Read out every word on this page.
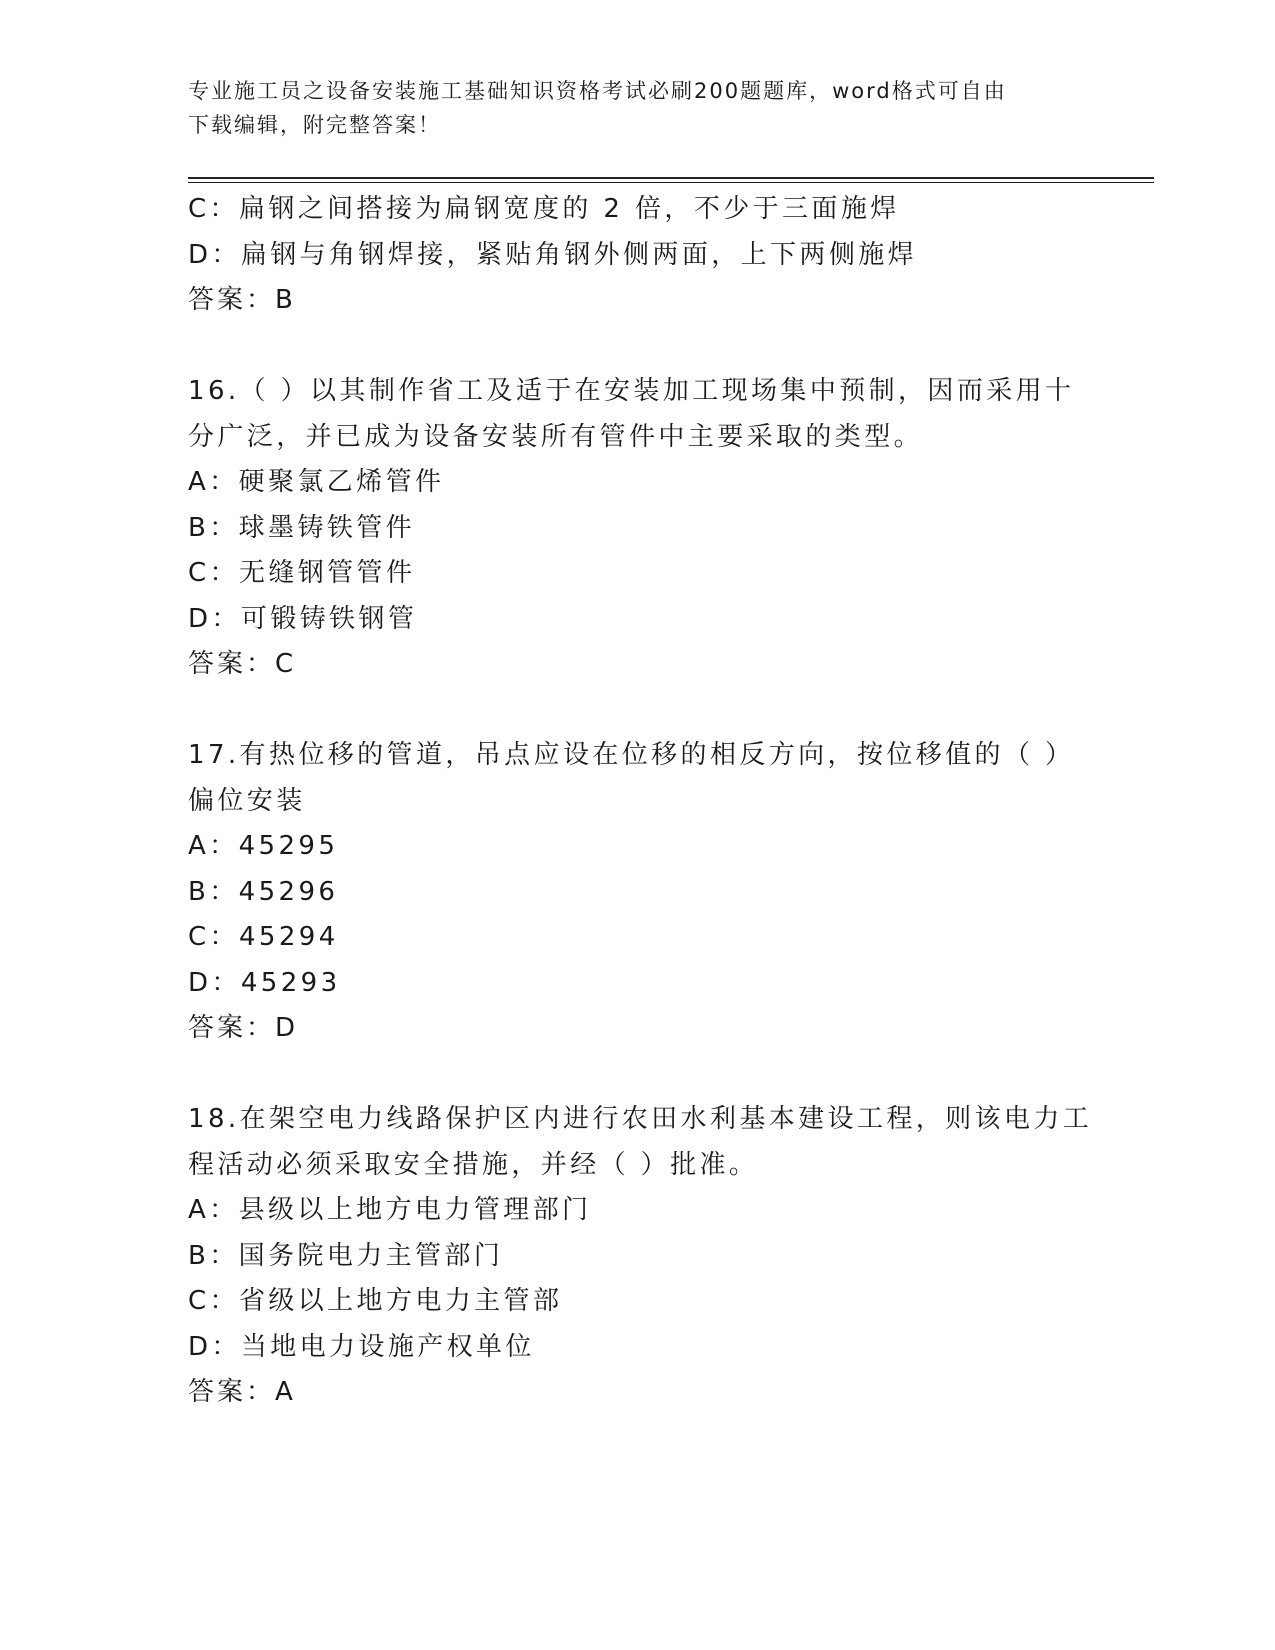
专业施工员之设备安装施工基础知识资格考试必刷200题题库，word格式可自由
下载编辑，附完整答案！
C：扁钢之间搭接为扁钢宽度的 2 倍，不少于三面施焊
D：扁钢与角钢焊接，紧贴角钢外侧两面，上下两侧施焊
答案：B
16.（ ）以其制作省工及适于在安装加工现场集中预制，因而采用十
分广泛，并已成为设备安装所有管件中主要采取的类型。
A：硬聚氯乙烯管件
B：球墨铸铁管件
C：无缝钢管管件
D：可锻铸铁钢管
答案：C
17.有热位移的管道，吊点应设在位移的相反方向，按位移值的（ ）
偏位安装
A：45295
B：45296
C：45294
D：45293
答案：D
18.在架空电力线路保护区内进行农田水利基本建设工程，则该电力工
程活动必须采取安全措施，并经（ ）批准。
A：县级以上地方电力管理部门
B：国务院电力主管部门
C：省级以上地方电力主管部
D：当地电力设施产权单位
答案：A
